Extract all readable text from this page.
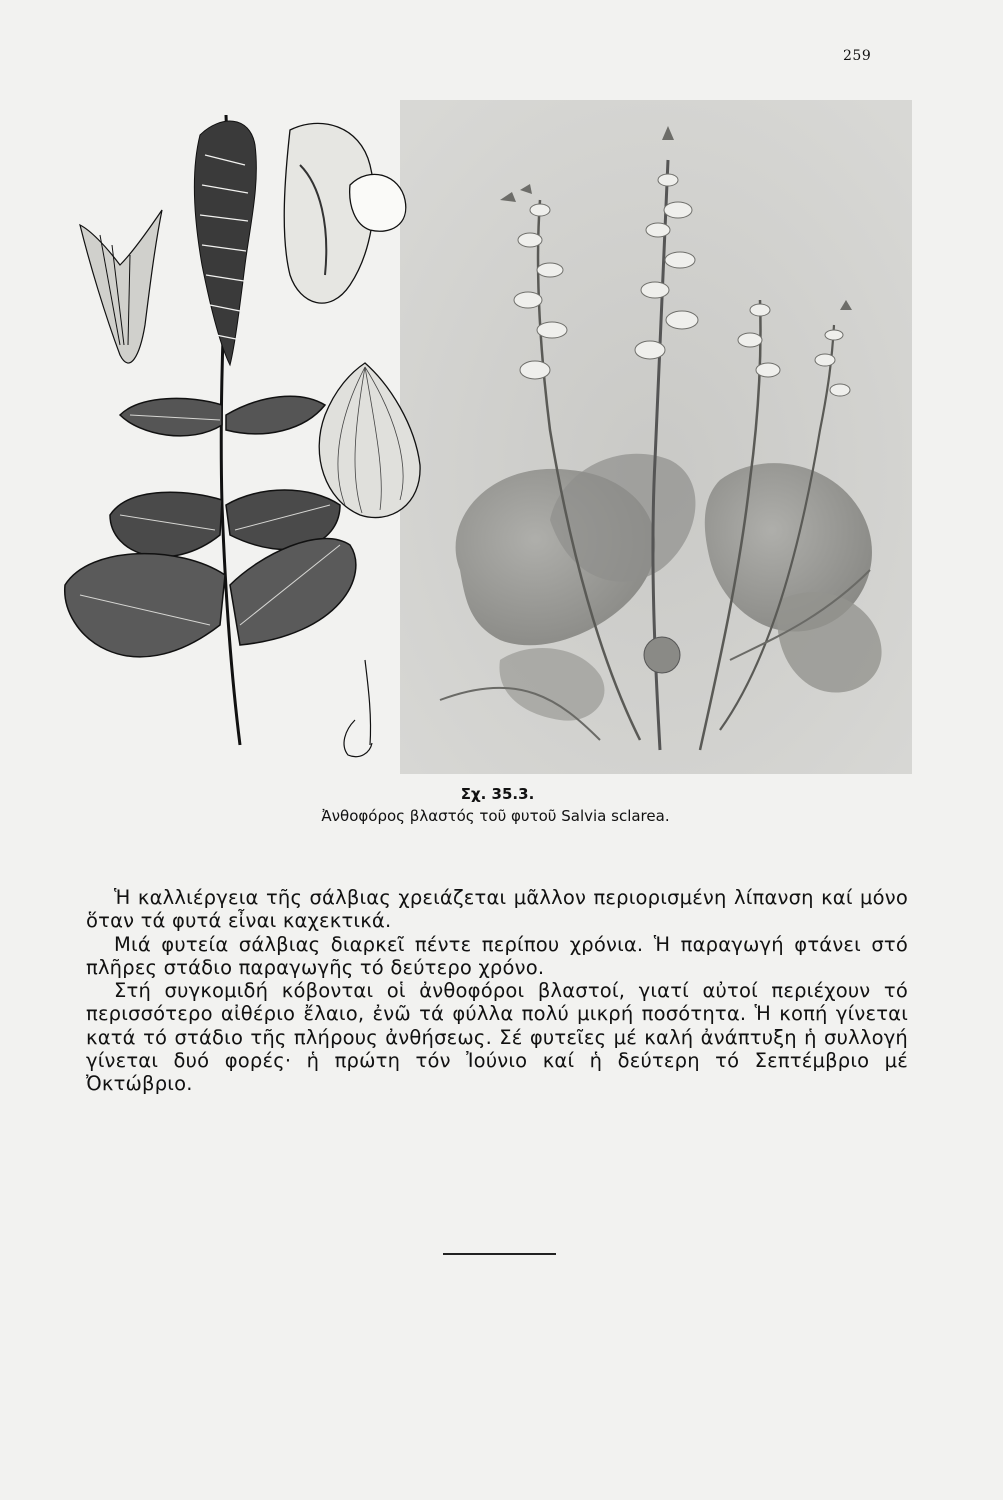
259
Σχ. 35.3.
Ἀνθοφόρος βλαστός τοῦ φυτοῦ Salvia sclarea.

Ἡ καλλιέργεια τῆς σάλβιας χρειάζεται μᾶλλον περιορισμένη λίπανση καί μόνο ὅταν τά φυτά εἶναι καχεκτικά.

Μιά φυτεία σάλβιας διαρκεῖ πέντε περίπου χρόνια. Ἡ παραγωγή φτάνει στό πλῆρες στάδιο παραγωγῆς τό δεύτερο χρόνο.

Στή συγκομιδή κόβονται οἱ ἀνθοφόροι βλαστοί, γιατί αὐτοί περιέχουν τό περισσότερο αἰθέριο ἔλαιο, ἐνῶ τά φύλλα πολύ μικρή ποσότητα. Ἡ κοπή γίνεται κατά τό στάδιο τῆς πλήρους ἀνθήσεως. Σέ φυτεῖες μέ καλή ἀνάπτυξη ἡ συλλογή γίνεται δυό φορές· ἡ πρώτη τόν Ἰούνιο καί ἡ δεύτερη τό Σεπτέμβριο μέ Ὀκτώβριο.
